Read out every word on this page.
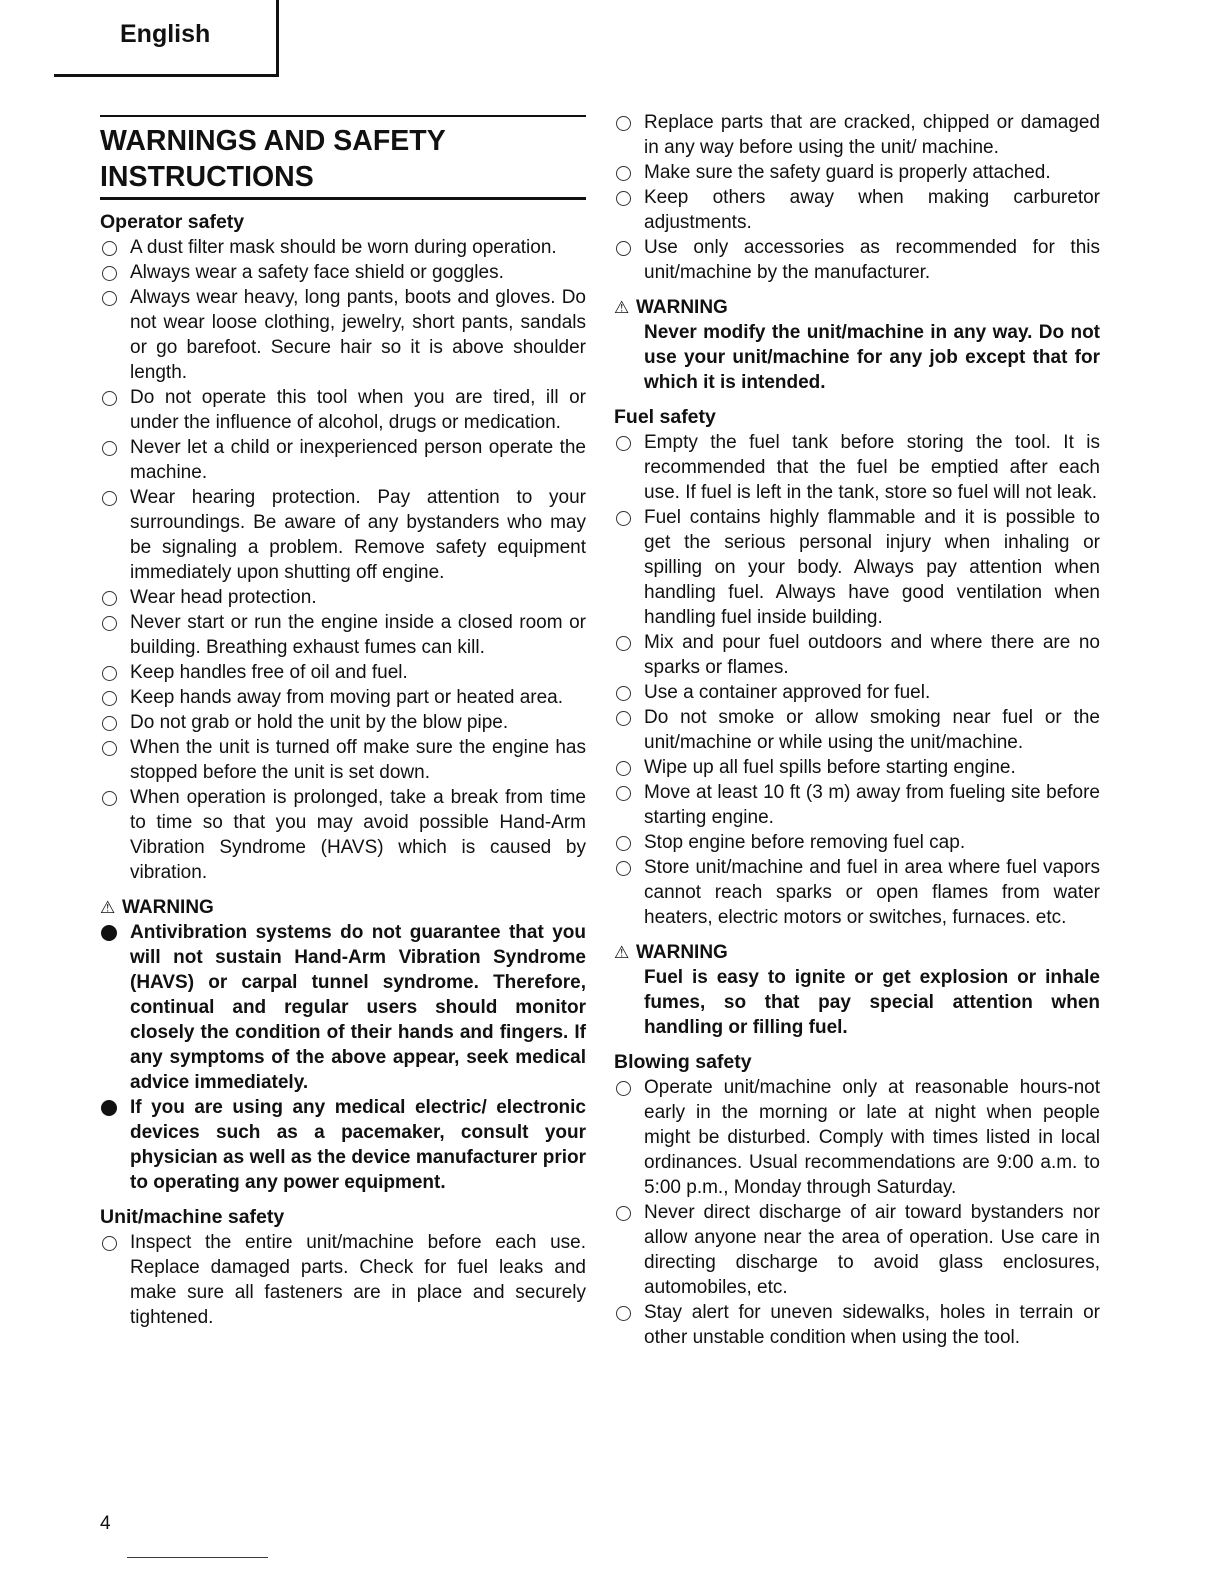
English
WARNINGS AND SAFETY INSTRUCTIONS
Operator safety
A dust filter mask should be worn during operation.
Always wear a safety face shield or goggles.
Always wear heavy, long pants, boots and gloves. Do not wear loose clothing, jewelry, short pants, sandals or go barefoot. Secure hair so it is above shoulder length.
Do not operate this tool when you are tired, ill or under the influence of alcohol, drugs or medication.
Never let a child or inexperienced person operate the machine.
Wear hearing protection. Pay attention to your surroundings. Be aware of any bystanders who may be signaling a problem. Remove safety equipment immediately upon shutting off engine.
Wear head protection.
Never start or run the engine inside a closed room or building. Breathing exhaust fumes can kill.
Keep handles free of oil and fuel.
Keep hands away from moving part or heated area.
Do not grab or hold the unit by the blow pipe.
When the unit is turned off make sure the engine has stopped before the unit is set down.
When operation is prolonged, take a break from time to time so that you may avoid possible Hand-Arm Vibration Syndrome (HAVS) which is caused by vibration.
⚠ WARNING
Antivibration systems do not guarantee that you will not sustain Hand-Arm Vibration Syndrome (HAVS) or carpal tunnel syndrome. Therefore, continual and regular users should monitor closely the condition of their hands and fingers. If any symptoms of the above appear, seek medical advice immediately.
If you are using any medical electric/ electronic devices such as a pacemaker, consult your physician as well as the device manufacturer prior to operating any power equipment.
Unit/machine safety
Inspect the entire unit/machine before each use. Replace damaged parts. Check for fuel leaks and make sure all fasteners are in place and securely tightened.
Replace parts that are cracked, chipped or damaged in any way before using the unit/ machine.
Make sure the safety guard is properly attached.
Keep others away when making carburetor adjustments.
Use only accessories as recommended for this unit/machine by the manufacturer.
⚠ WARNING
Never modify the unit/machine in any way. Do not use your unit/machine for any job except that for which it is intended.
Fuel safety
Empty the fuel tank before storing the tool. It is recommended that the fuel be emptied after each use. If fuel is left in the tank, store so fuel will not leak.
Fuel contains highly flammable and it is possible to get the serious personal injury when inhaling or spilling on your body. Always pay attention when handling fuel. Always have good ventilation when handling fuel inside building.
Mix and pour fuel outdoors and where there are no sparks or flames.
Use a container approved for fuel.
Do not smoke or allow smoking near fuel or the unit/machine or while using the unit/machine.
Wipe up all fuel spills before starting engine.
Move at least 10 ft (3 m) away from fueling site before starting engine.
Stop engine before removing fuel cap.
Store unit/machine and fuel in area where fuel vapors cannot reach sparks or open flames from water heaters, electric motors or switches, furnaces. etc.
⚠ WARNING
Fuel is easy to ignite or get explosion or inhale fumes, so that pay special attention when handling or filling fuel.
Blowing safety
Operate unit/machine only at reasonable hours-not early in the morning or late at night when people might be disturbed. Comply with times listed in local ordinances. Usual recommendations are 9:00 a.m. to 5:00 p.m., Monday through Saturday.
Never direct discharge of air toward bystanders nor allow anyone near the area of operation. Use care in directing discharge to avoid glass enclosures, automobiles, etc.
Stay alert for uneven sidewalks, holes in terrain or other unstable condition when using the tool.
4
